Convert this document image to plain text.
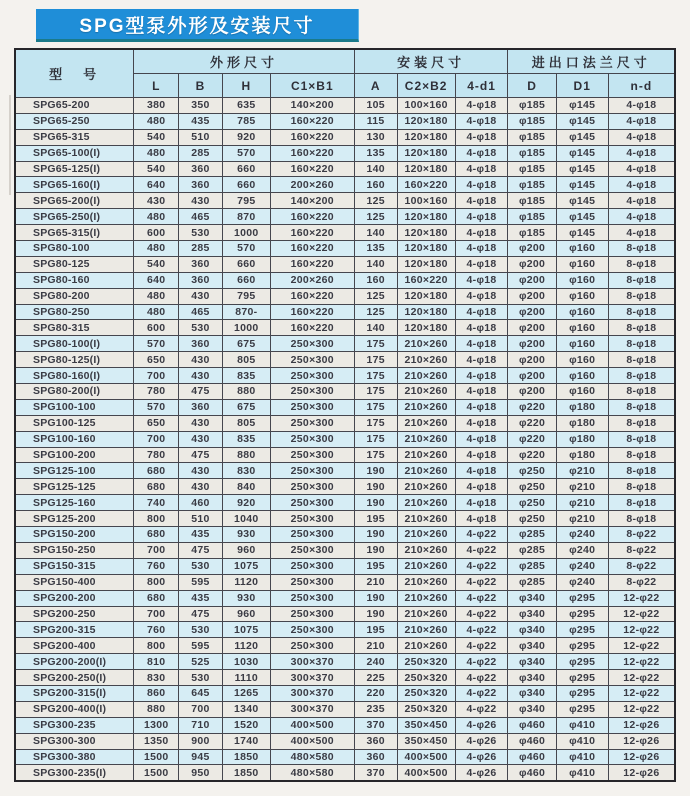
SPG型泵外形及安装尺寸
型　号	外形尺寸				安装尺寸			进出口法兰尺寸		
	L	B	H	C1×B1	A	C2×B2	4-d1	D	D1	n-d
SPG65-200	380	350	635	140×200	105	100×160	4-φ18	φ185	φ145	4-φ18
SPG65-250	480	435	785	160×220	115	120×180	4-φ18	φ185	φ145	4-φ18
SPG65-315	540	510	920	160×220	130	120×180	4-φ18	φ185	φ145	4-φ18
SPG65-100(I)	480	285	570	160×220	135	120×180	4-φ18	φ185	φ145	4-φ18
SPG65-125(I)	540	360	660	160×220	140	120×180	4-φ18	φ185	φ145	4-φ18
SPG65-160(I)	640	360	660	200×260	160	160×220	4-φ18	φ185	φ145	4-φ18
SPG65-200(I)	430	430	795	140×200	125	100×160	4-φ18	φ185	φ145	4-φ18
SPG65-250(I)	480	465	870	160×220	125	120×180	4-φ18	φ185	φ145	4-φ18
SPG65-315(I)	600	530	1000	160×220	140	120×180	4-φ18	φ185	φ145	4-φ18
SPG80-100	480	285	570	160×220	135	120×180	4-φ18	φ200	φ160	8-φ18
SPG80-125	540	360	660	160×220	140	120×180	4-φ18	φ200	φ160	8-φ18
SPG80-160	640	360	660	200×260	160	160×220	4-φ18	φ200	φ160	8-φ18
SPG80-200	480	430	795	160×220	125	120×180	4-φ18	φ200	φ160	8-φ18
SPG80-250	480	465	870-	160×220	125	120×180	4-φ18	φ200	φ160	8-φ18
SPG80-315	600	530	1000	160×220	140	120×180	4-φ18	φ200	φ160	8-φ18
SPG80-100(I)	570	360	675	250×300	175	210×260	4-φ18	φ200	φ160	8-φ18
SPG80-125(I)	650	430	805	250×300	175	210×260	4-φ18	φ200	φ160	8-φ18
SPG80-160(I)	700	430	835	250×300	175	210×260	4-φ18	φ200	φ160	8-φ18
SPG80-200(I)	780	475	880	250×300	175	210×260	4-φ18	φ200	φ160	8-φ18
SPG100-100	570	360	675	250×300	175	210×260	4-φ18	φ220	φ180	8-φ18
SPG100-125	650	430	805	250×300	175	210×260	4-φ18	φ220	φ180	8-φ18
SPG100-160	700	430	835	250×300	175	210×260	4-φ18	φ220	φ180	8-φ18
SPG100-200	780	475	880	250×300	175	210×260	4-φ18	φ220	φ180	8-φ18
SPG125-100	680	430	830	250×300	190	210×260	4-φ18	φ250	φ210	8-φ18
SPG125-125	680	430	840	250×300	190	210×260	4-φ18	φ250	φ210	8-φ18
SPG125-160	740	460	920	250×300	190	210×260	4-φ18	φ250	φ210	8-φ18
SPG125-200	800	510	1040	250×300	195	210×260	4-φ18	φ250	φ210	8-φ18
SPG150-200	680	435	930	250×300	190	210×260	4-φ22	φ285	φ240	8-φ22
SPG150-250	700	475	960	250×300	190	210×260	4-φ22	φ285	φ240	8-φ22
SPG150-315	760	530	1075	250×300	195	210×260	4-φ22	φ285	φ240	8-φ22
SPG150-400	800	595	1120	250×300	210	210×260	4-φ22	φ285	φ240	8-φ22
SPG200-200	680	435	930	250×300	190	210×260	4-φ22	φ340	φ295	12-φ22
SPG200-250	700	475	960	250×300	190	210×260	4-φ22	φ340	φ295	12-φ22
SPG200-315	760	530	1075	250×300	195	210×260	4-φ22	φ340	φ295	12-φ22
SPG200-400	800	595	1120	250×300	210	210×260	4-φ22	φ340	φ295	12-φ22
SPG200-200(I)	810	525	1030	300×370	240	250×320	4-φ22	φ340	φ295	12-φ22
SPG200-250(I)	830	530	1110	300×370	225	250×320	4-φ22	φ340	φ295	12-φ22
SPG200-315(I)	860	645	1265	300×370	220	250×320	4-φ22	φ340	φ295	12-φ22
SPG200-400(I)	880	700	1340	300×370	235	250×320	4-φ22	φ340	φ295	12-φ22
SPG300-235	1300	710	1520	400×500	370	350×450	4-φ26	φ460	φ410	12-φ26
SPG300-300	1350	900	1740	400×500	360	350×450	4-φ26	φ460	φ410	12-φ26
SPG300-380	1500	945	1850	480×580	360	400×500	4-φ26	φ460	φ410	12-φ26
SPG300-235(I)	1500	950	1850	480×580	370	400×500	4-φ26	φ460	φ410	12-φ26
